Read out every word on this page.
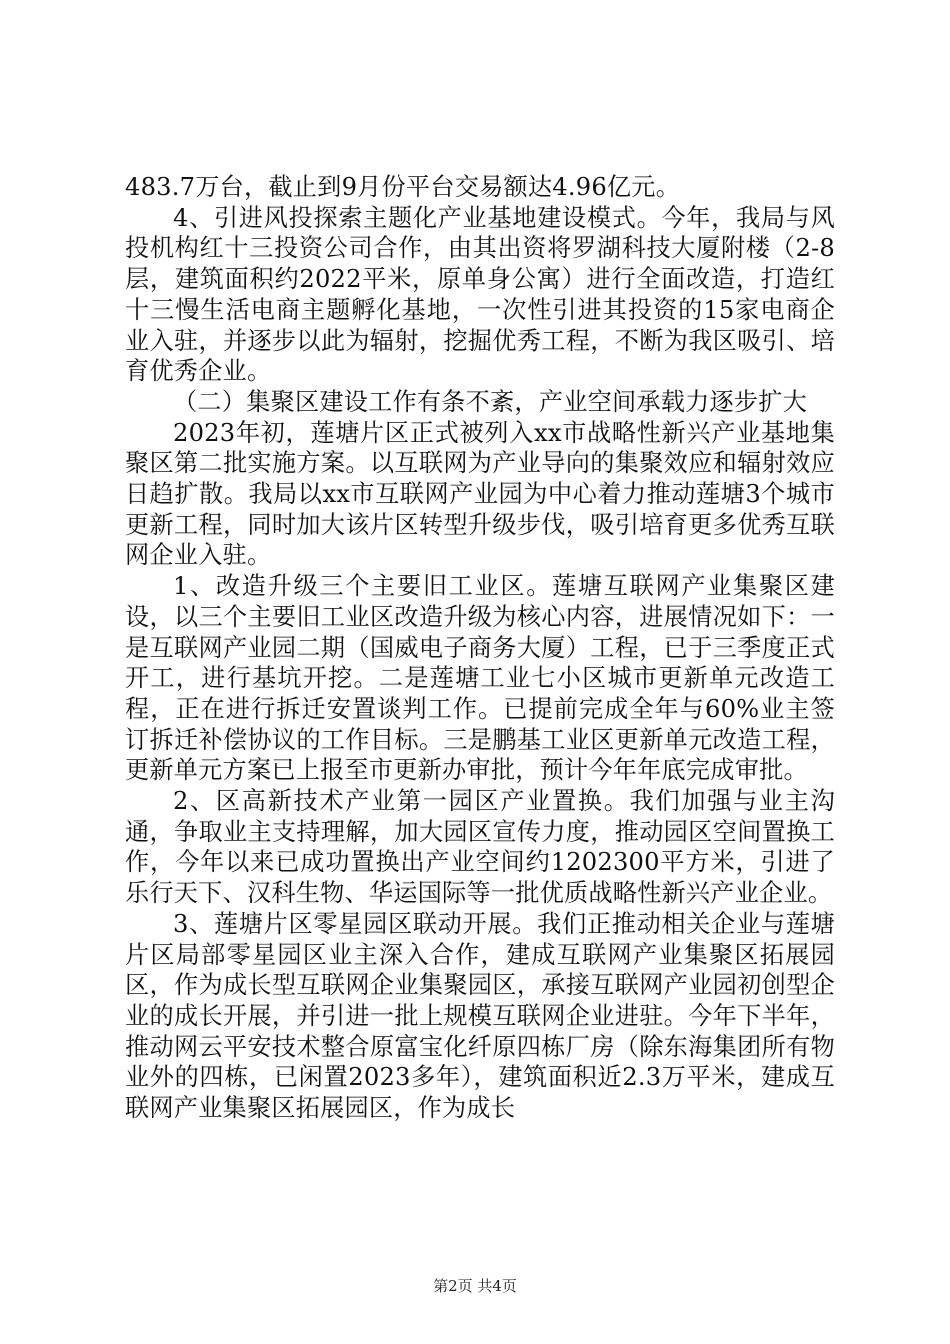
483.7万台，截止到9月份平台交易额达4.96亿元。

4、引进风投探索主题化产业基地建设模式。今年，我局与风投机构红十三投资公司合作，由其出资将罗湖科技大厦附楼（2-8层，建筑面积约2022平米，原单身公寓）进行全面改造，打造红十三慢生活电商主题孵化基地，一次性引进其投资的15家电商企业入驻，并逐步以此为辐射，挖掘优秀工程，不断为我区吸引、培育优秀企业。

（二）集聚区建设工作有条不紊，产业空间承载力逐步扩大

2023年初，莲塘片区正式被列入xx市战略性新兴产业基地集聚区第二批实施方案。以互联网为产业导向的集聚效应和辐射效应日趋扩散。我局以xx市互联网产业园为中心着力推动莲塘3个城市更新工程，同时加大该片区转型升级步伐，吸引培育更多优秀互联网企业入驻。

1、改造升级三个主要旧工业区。莲塘互联网产业集聚区建设，以三个主要旧工业区改造升级为核心内容，进展情况如下：一是互联网产业园二期（国威电子商务大厦）工程，已于三季度正式开工，进行基坑开挖。二是莲塘工业七小区城市更新单元改造工程，正在进行拆迁安置谈判工作。已提前完成全年与60%业主签订拆迁补偿协议的工作目标。三是鹏基工业区更新单元改造工程，更新单元方案已上报至市更新办审批，预计今年年底完成审批。

2、区高新技术产业第一园区产业置换。我们加强与业主沟通，争取业主支持理解，加大园区宣传力度，推动园区空间置换工作，今年以来已成功置换出产业空间约1202300平方米，引进了乐行天下、汉科生物、华运国际等一批优质战略性新兴产业企业。

3、莲塘片区零星园区联动开展。我们正推动相关企业与莲塘片区局部零星园区业主深入合作，建成互联网产业集聚区拓展园区，作为成长型互联网企业集聚园区，承接互联网产业园初创型企业的成长开展，并引进一批上规模互联网企业进驻。今年下半年，推动网云平安技术整合原富宝化纤原四栋厂房（除东海集团所有物业外的四栋，已闲置2023多年），建筑面积近2.3万平米，建成互联网产业集聚区拓展园区，作为成长

第2页 共4页
